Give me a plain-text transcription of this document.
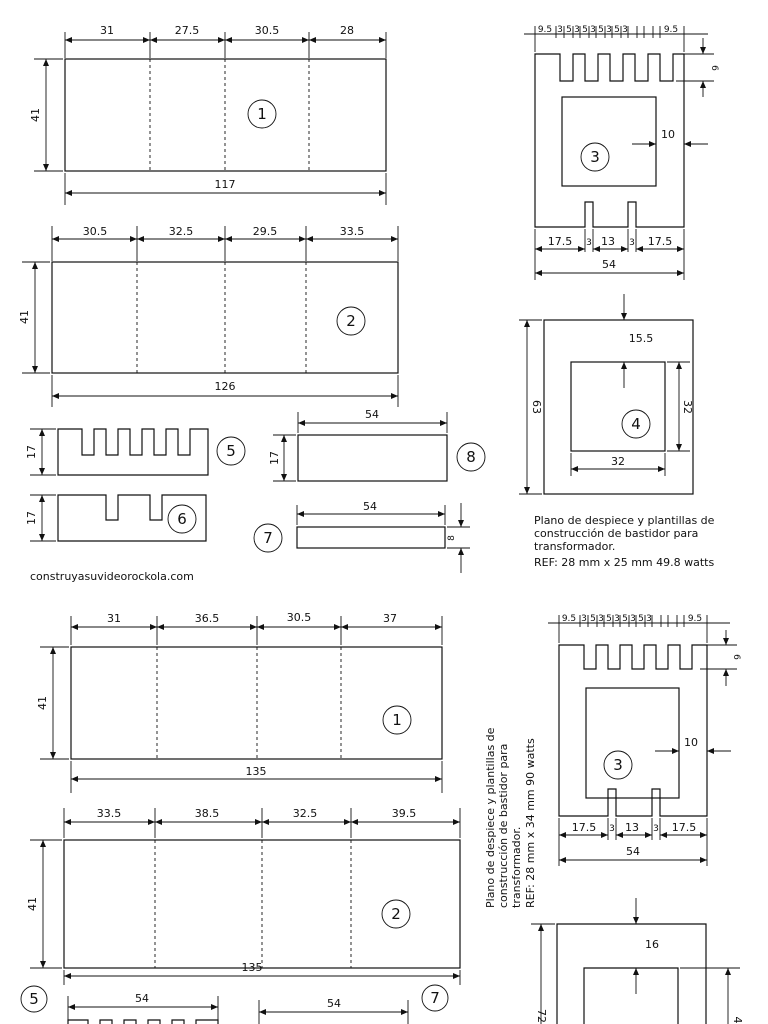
31	27.5	30.5	28
117
41	1
30.5	32.5	29.5	33.5
126
41	2
9.5 3 5 3 5 3 5 3 5 3	9.5
6
10
17.5 3 13 3 17.5
54
3
15.5
63	32
32
4
17	5
17	6
54
17	8
54
8
7
Plano de despiece y plantillas de
construcción de bastidor para
transformador.
REF: 28 mm x 25 mm 49.8 watts
construyasuvideorockola.com
31	36.5	30.5	37
135
41
1
33.5	38.5	32.5	39.5
135
41
2
5	54	54	7
Plano de despiece y plantillas de construcción de bastidor para transformador. REF: 28 mm x 34 mm 90 watts
9.5 3 5 3 5 3 5 3 5 3	9.5
6
10
17.5 3 13 3 17.5
54
3
16
72	4
